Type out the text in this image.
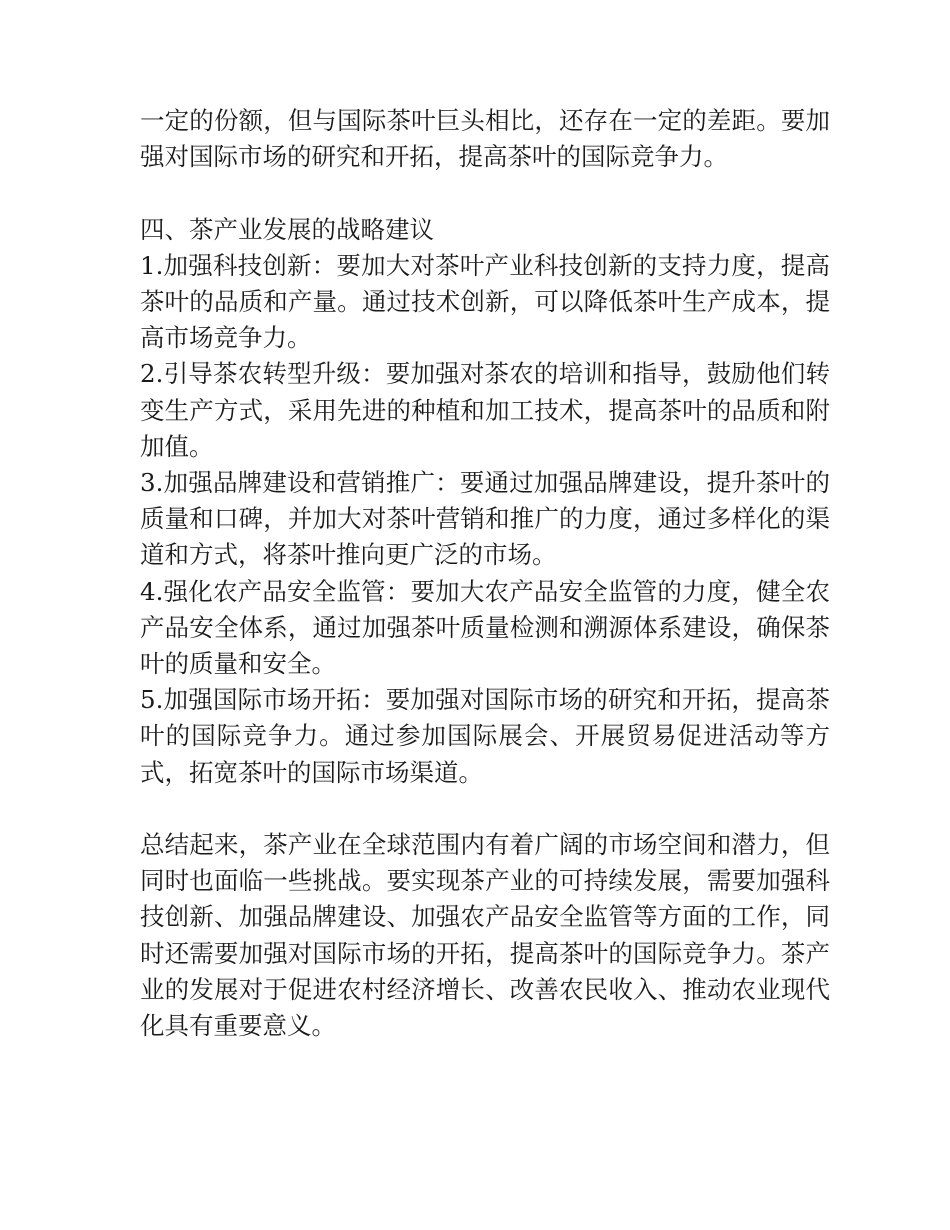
一定的份额，但与国际茶叶巨头相比，还存在一定的差距。要加强对国际市场的研究和开拓，提高茶叶的国际竞争力。

四、茶产业发展的战略建议

1.加强科技创新：要加大对茶叶产业科技创新的支持力度，提高茶叶的品质和产量。通过技术创新，可以降低茶叶生产成本，提高市场竞争力。

2.引导茶农转型升级：要加强对茶农的培训和指导，鼓励他们转变生产方式，采用先进的种植和加工技术，提高茶叶的品质和附加值。

3.加强品牌建设和营销推广：要通过加强品牌建设，提升茶叶的质量和口碑，并加大对茶叶营销和推广的力度，通过多样化的渠道和方式，将茶叶推向更广泛的市场。

4.强化农产品安全监管：要加大农产品安全监管的力度，健全农产品安全体系，通过加强茶叶质量检测和溯源体系建设，确保茶叶的质量和安全。

5.加强国际市场开拓：要加强对国际市场的研究和开拓，提高茶叶的国际竞争力。通过参加国际展会、开展贸易促进活动等方式，拓宽茶叶的国际市场渠道。

总结起来，茶产业在全球范围内有着广阔的市场空间和潜力，但同时也面临一些挑战。要实现茶产业的可持续发展，需要加强科技创新、加强品牌建设、加强农产品安全监管等方面的工作，同时还需要加强对国际市场的开拓，提高茶叶的国际竞争力。茶产业的发展对于促进农村经济增长、改善农民收入、推动农业现代化具有重要意义。
